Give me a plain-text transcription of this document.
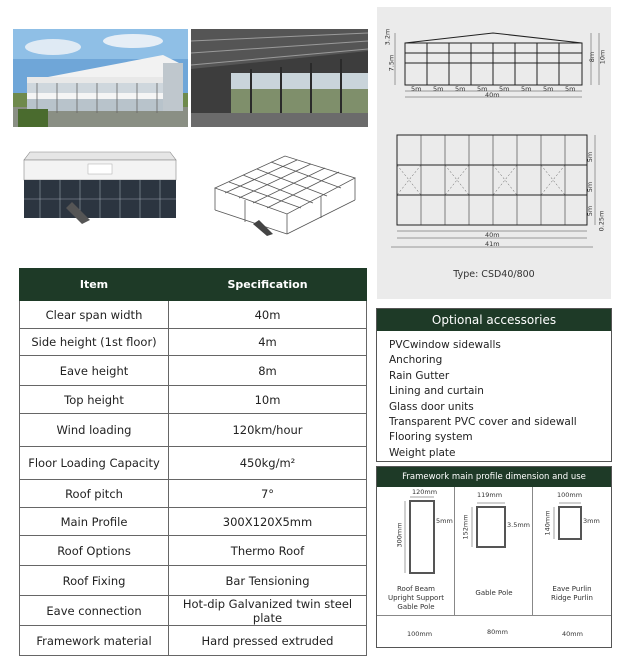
3.2m
7.5m	8m 10m
5m 5m 5m 5m 5m 5m 5m 5m
40m
40m
41m
5m
5m
5m 0.25m
Type: CSD40/800
Item	Specification
Clear span width	40m
Side height (1st floor)	4m
Eave height	8m
Top height	10m
Wind loading	120km/hour
Floor Loading Capacity	450kg/m²
Roof pitch	7°
Main Profile	300X120X5mm
Roof Options	Thermo Roof
Roof Fixing	Bar Tensioning
Eave connection	Hot-dip Galvanized twin steel plate
Framework material	Hard pressed extruded
Optional accessories
PVCwindow sidewalls
Anchoring
Rain Gutter
Lining and curtain
Glass door units
Transparent PVC cover and sidewall
Flooring system
Weight plate
Framework main profile dimension and use
120mm
300mm
5mm
Roof Beam
Upright Support
Gable Pole
119mm
152mm	3.5mm
Gable Pole
100mm
140mm	3mm
Eave Purlin
Ridge Purlin
100mm	80mm	40mm
